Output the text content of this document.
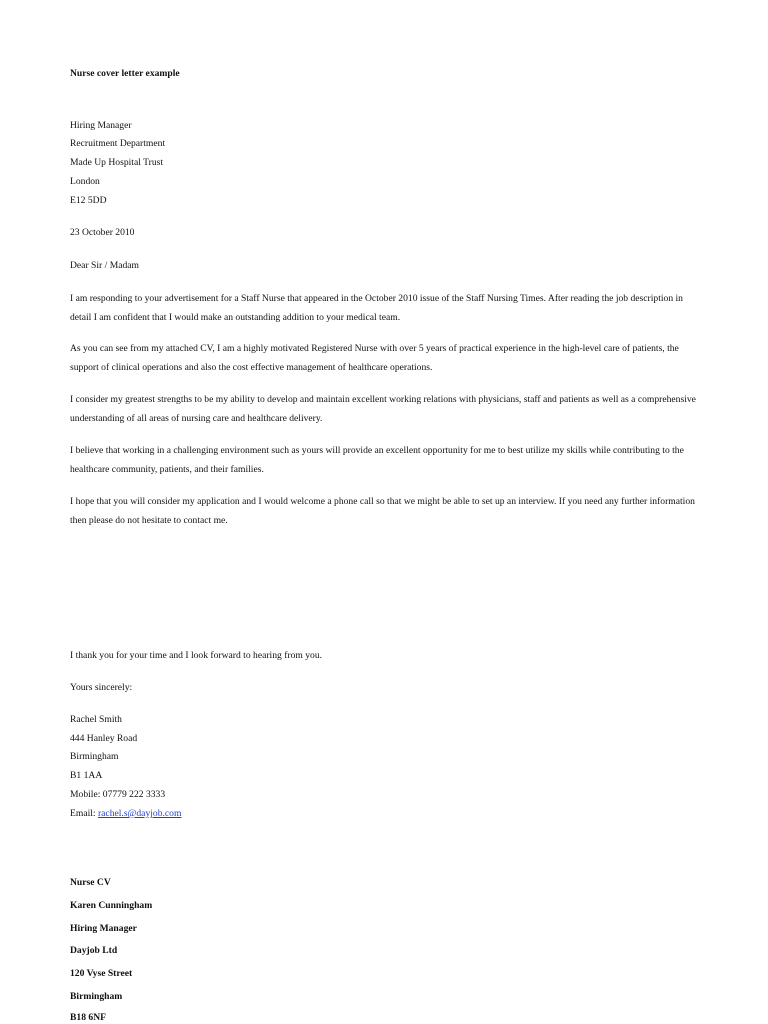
Nurse cover letter example
Hiring Manager
Recruitment Department
Made Up Hospital Trust
London
E12 5DD
23 October 2010
Dear Sir / Madam
I am responding to your advertisement for a Staff Nurse that appeared in the October 2010 issue of the Staff Nursing Times. After reading the job description in detail I am confident that I would make an outstanding addition to your medical team.
As you can see from my attached CV, I am a highly motivated Registered Nurse with over 5 years of practical experience in the high-level care of patients, the support of clinical operations and also the cost effective management of healthcare operations.
I consider my greatest strengths to be my ability to develop and maintain excellent working relations with physicians, staff and patients as well as a comprehensive understanding of all areas of nursing care and healthcare delivery.
I believe that working in a challenging environment such as yours will provide an excellent opportunity for me to best utilize my skills while contributing to the healthcare community, patients, and their families.
I hope that you will consider my application and I would welcome a phone call so that we might be able to set up an interview. If you need any further information then please do not hesitate to contact me.
I thank you for your time and I look forward to hearing from you.
Yours sincerely:
Rachel Smith
444 Hanley Road
Birmingham
B1 1AA
Mobile: 07779 222 3333
Email: rachel.s@dayjob.com
Nurse CV
Karen Cunningham
Hiring Manager
Dayjob Ltd
120 Vyse Street
Birmingham
B18 6NF
